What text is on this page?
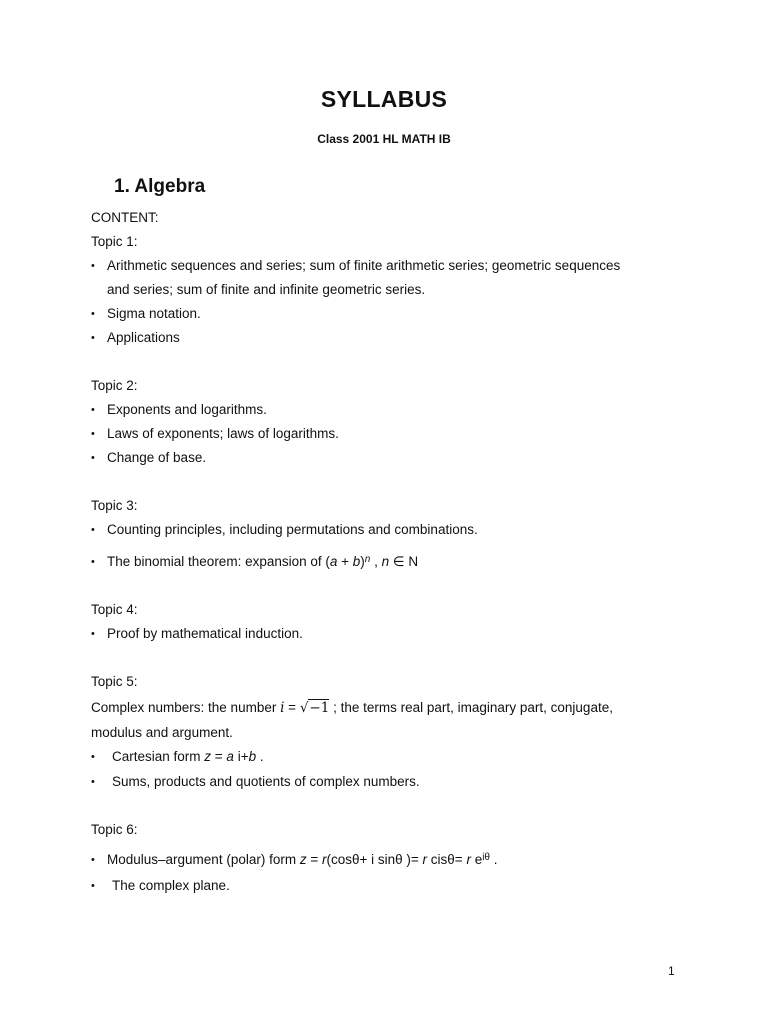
SYLLABUS

Class 2001 HL MATH IB

1. Algebra
CONTENT:
Topic 1:
• Arithmetic sequences and series; sum of finite arithmetic series; geometric sequences
and series; sum of finite and infinite geometric series.
• Sigma notation.
• Applications
Topic 2:
• Exponents and logarithms.
• Laws of exponents; laws of logarithms.
• Change of base.
Topic 3:
• Counting principles, including permutations and combinations.
• The binomial theorem: expansion of $(a + b)^n$ , n ∈ N
Topic 4:
• Proof by mathematical induction.
Topic 5:
Complex numbers: the number i = √−1 ; the terms real part, imaginary part, conjugate,
modulus and argument.
• Cartesian form z = a i+b .
• Sums, products and quotients of complex numbers.
Topic 6:
• Modulus–argument (polar) form z = r(cosθ+ i sinθ )= r cisθ= r $e^{i\theta}$ .
• The complex plane.
1
